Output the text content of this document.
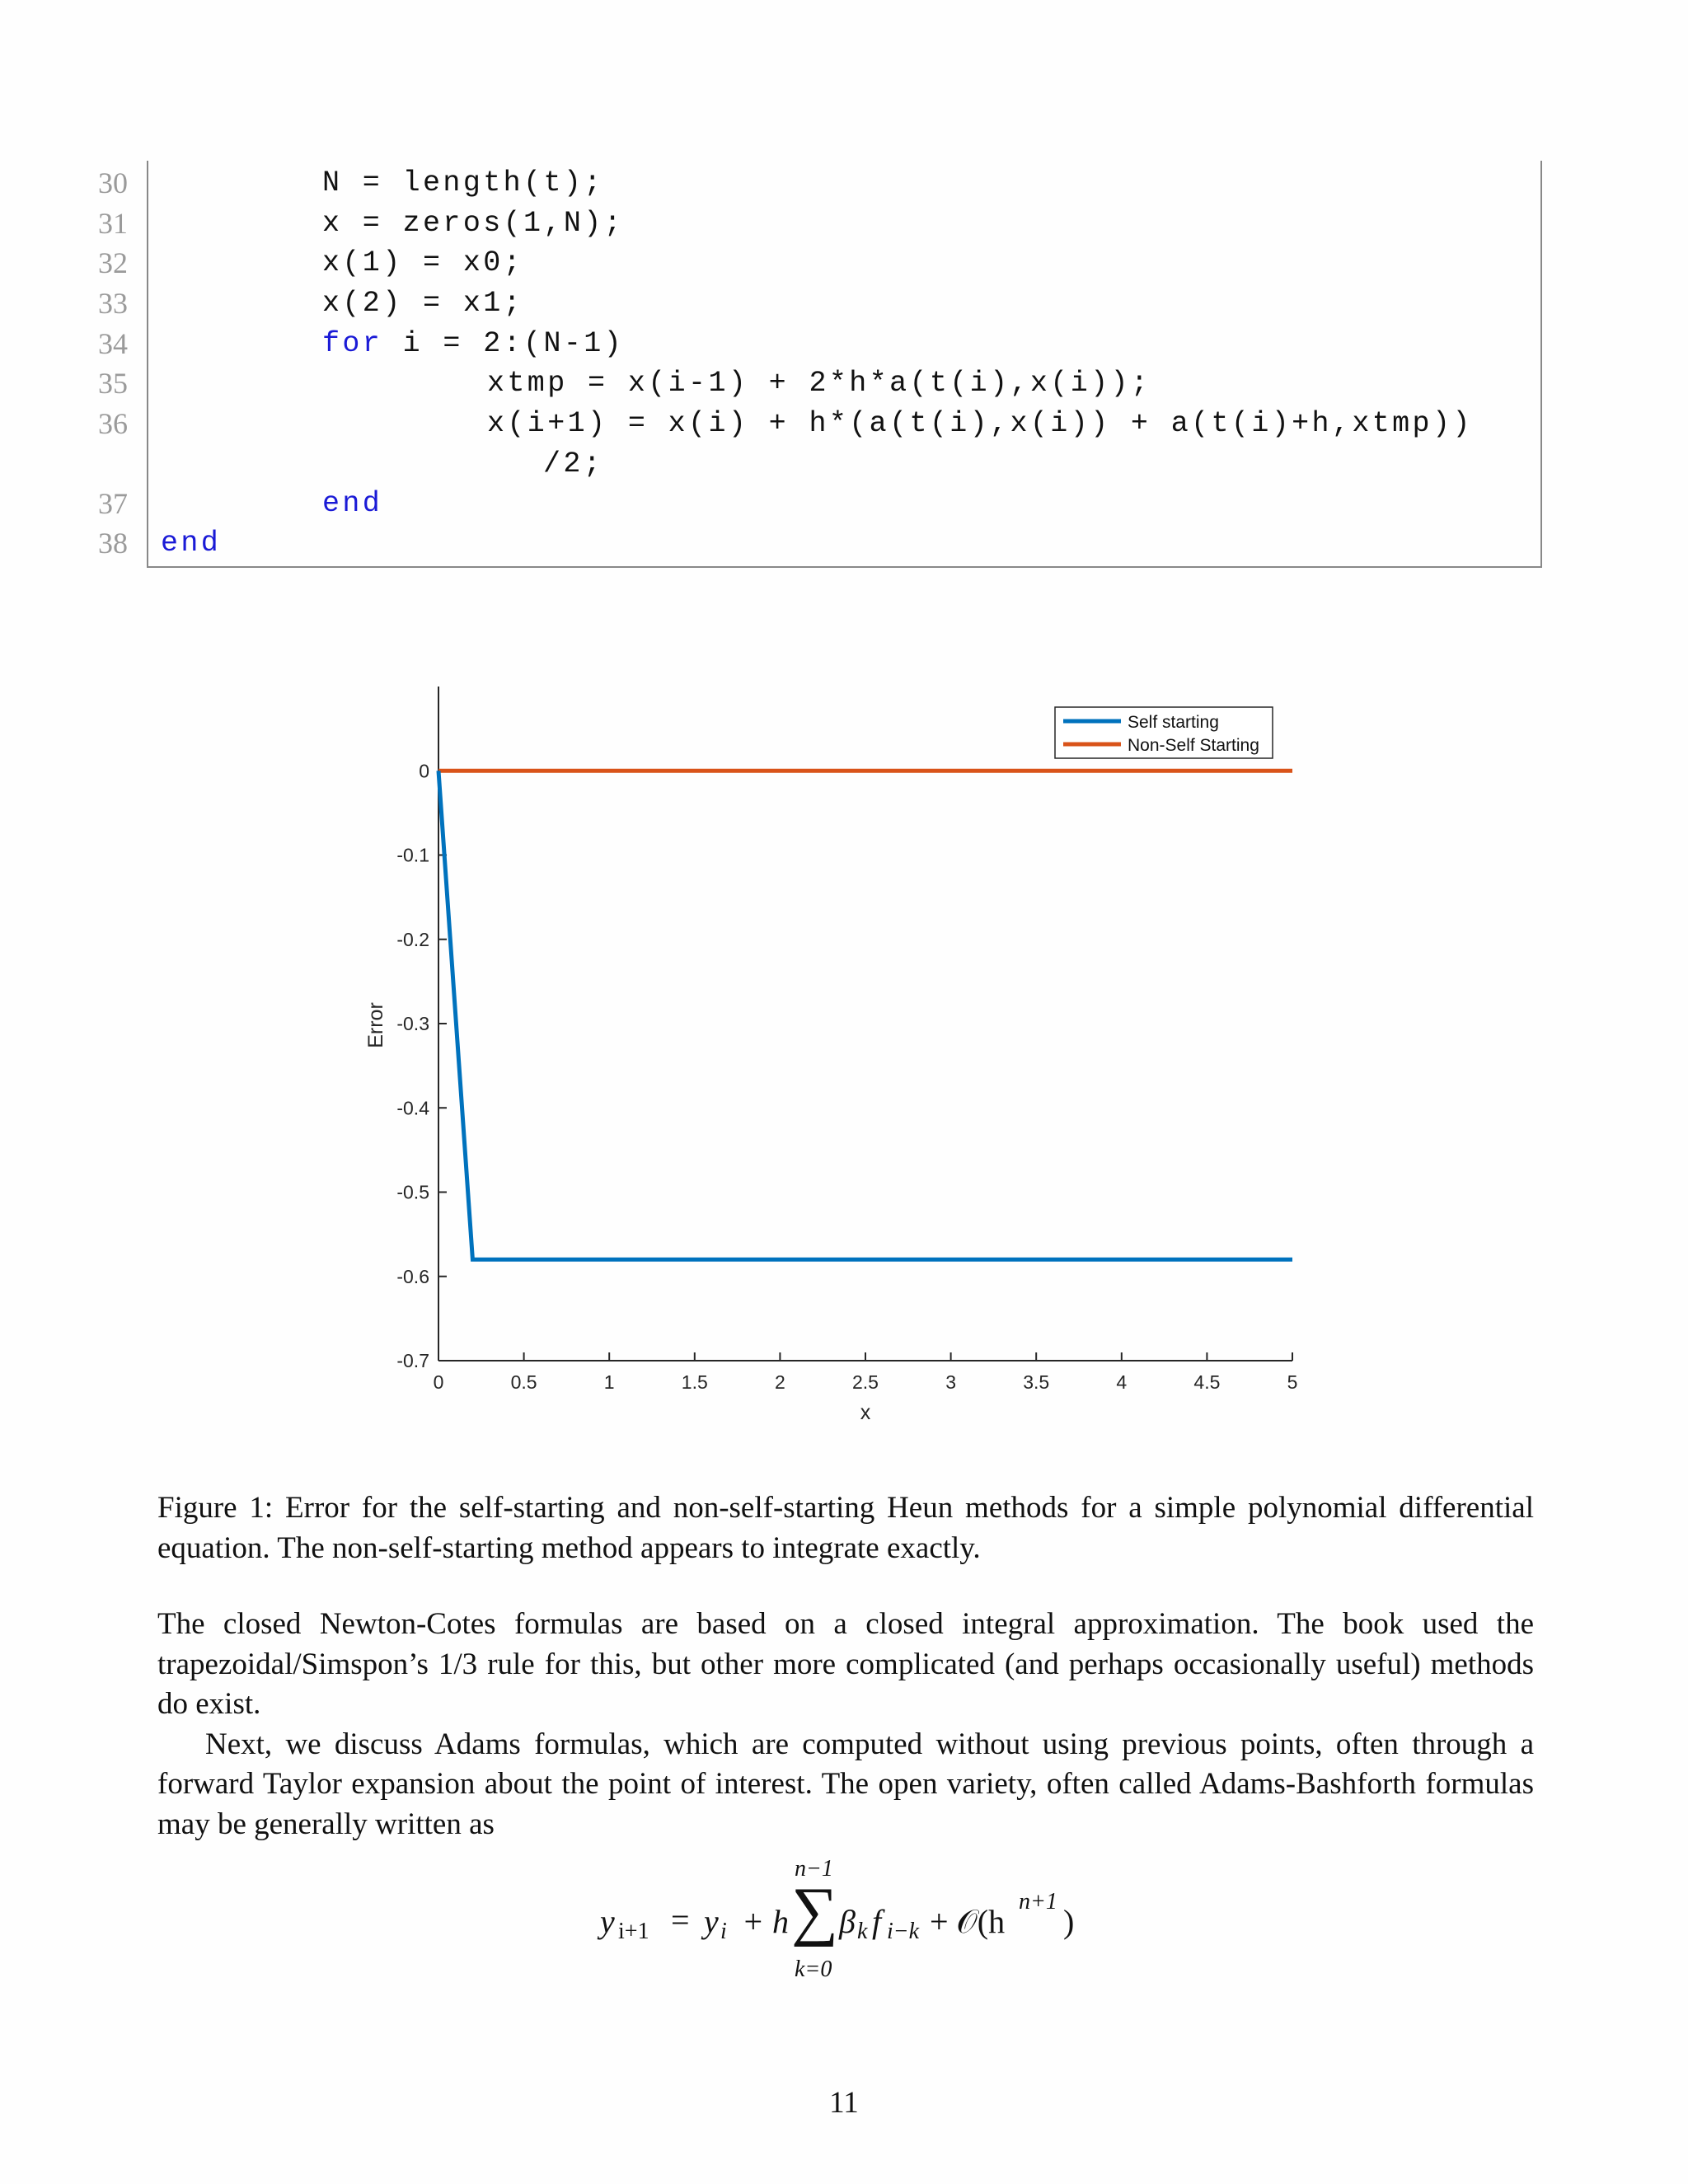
30	N = length(t);
31	x = zeros(1,N);
32	x(1) = x0;
33	x(2) = x1;
34	for i = 2:(N-1)
35	xtmp = x(i-1) + 2*h*a(t(i),x(i));
36	x(i+1) = x(i) + h*(a(t(i),x(i)) + a(t(i)+h,xtmp))
/2;
37	end
38 end
0	0.5	1	1.5	2	2.5	3	3.5	4	4.5	5
0
-0.1
-0.2
-0.3
-0.4
-0.5
-0.6
-0.7
x
Error
Self starting
Non-Self Starting
Figure 1: Error for the self-starting and non-self-starting Heun methods for a simple polynomial differential equation. The non-self-starting method appears to integrate exactly.

The closed Newton-Cotes formulas are based on a closed integral approximation. The book used the trapezoidal/Simspon’s 1/3 rule for this, but other more complicated (and perhaps occasionally useful) methods do exist.

Next, we discuss Adams formulas, which are computed without using previous points, often through a forward Taylor expansion about the point of interest. The open variety, often called Adams-Bashforth formulas may be generally written as

y i+1 = y i + h ∑
n−1
k=0
β k f i−k + 𝒪(h
n+1
)
11
